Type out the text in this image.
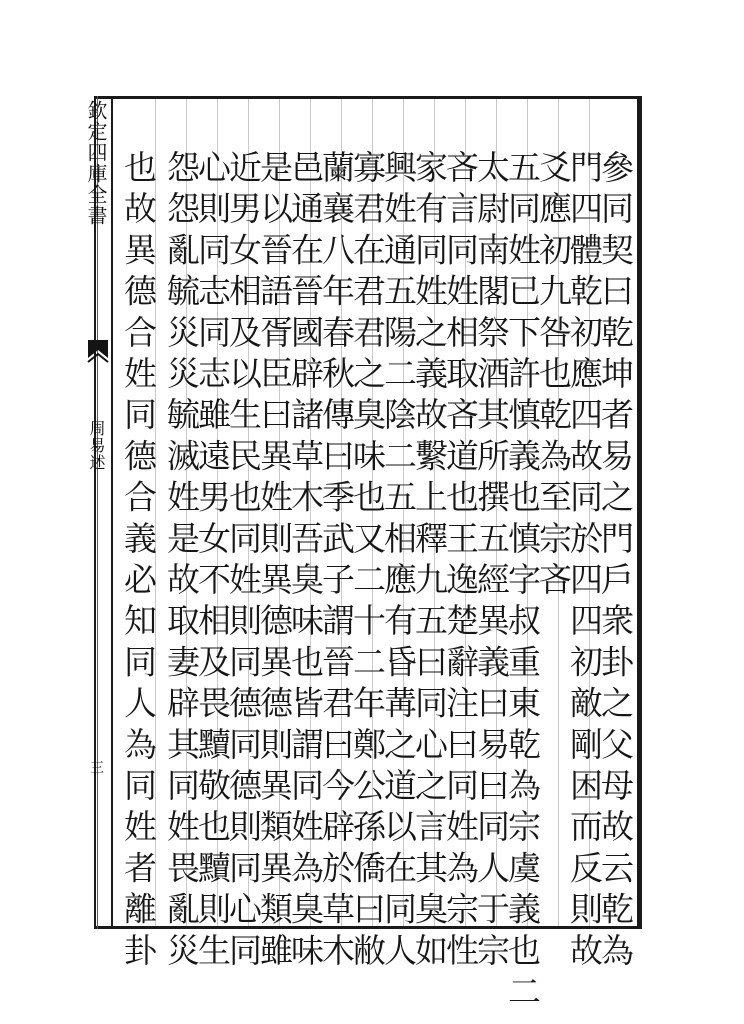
欽定四庫全書
周易述
三	參同契曰乾坤者易之門戶衆卦之父母故云乾為
門四體乾初應四故同於四四初敵剛困而反則故
爻應初九咎也乾為至宗吝
五同姓已下許慎義也慎字叔重東乾為宗虞義也二
太尉南閣祭酒其所撰五經異義曰易曰同人于宗
吝言同姓相取吝道也王逸楚辭注曰同姓為宗性
家有同姓之義故繫上釋九五曰同心之言其臭如
興姓通五陽二陰二五相應有昏冓之道以在同人
寡君在君君之臭味也又二十二年鄭公孫僑曰敝
蘭襄八年春秋傳曰季武子謂晉君曰今辟於草木
邑通在晉國辟諸草木吾臭味也皆謂同姓為臭味
是以晉語胥臣曰異姓則異德異德則異類異類雖
近男女相及以生民也同姓則同德同德則同心同
心則同志同志雖遠男女不相及畏黷敬也黷則生
怨怨亂毓災災毓滅姓是故取妻辟其同姓畏亂災
也故異德合姓同德合義必知同人為同姓者離卦
